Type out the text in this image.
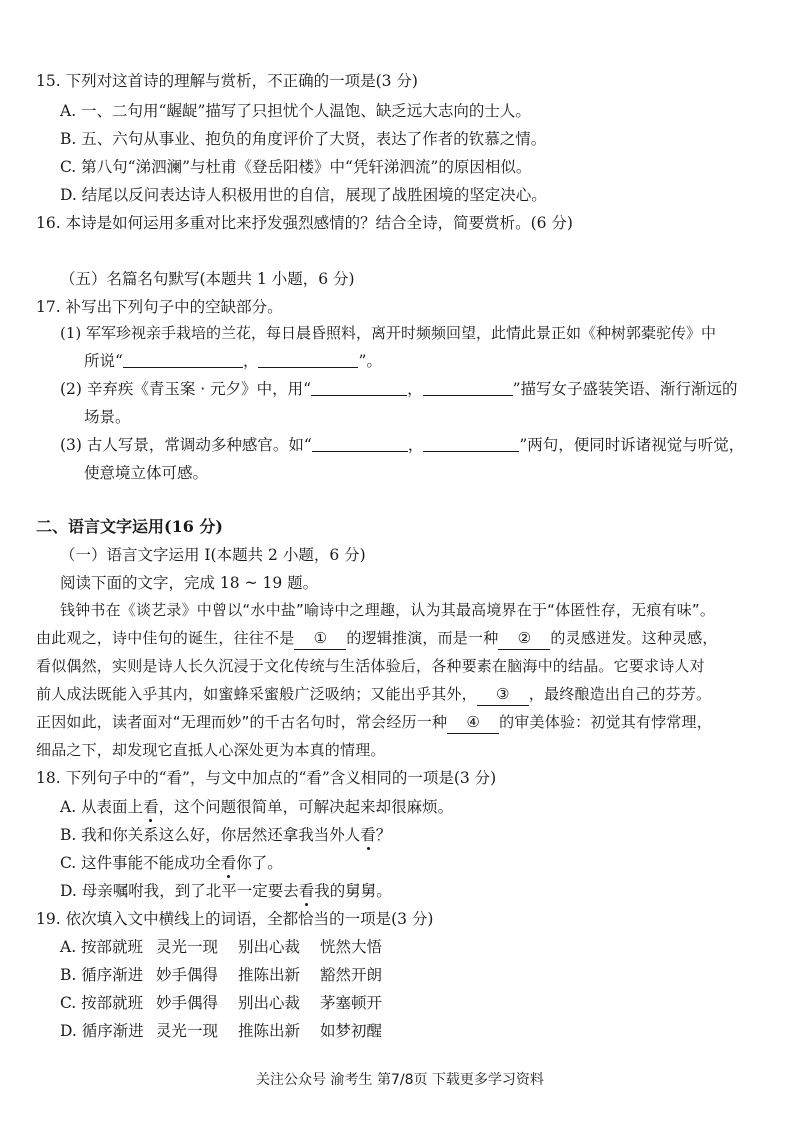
15. 下列对这首诗的理解与赏析，不正确的一项是(3 分)
A. 一、二句用“龌龊”描写了只担忧个人温饱、缺乏远大志向的士人。
B. 五、六句从事业、抱负的角度评价了大贤，表达了作者的钦慕之情。
C. 第八句“涕泗澜”与杜甫《登岳阳楼》中“凭轩涕泗流”的原因相似。
D. 结尾以反问表达诗人积极用世的自信，展现了战胜困境的坚定决心。
16. 本诗是如何运用多重对比来抒发强烈感情的？结合全诗，简要赏析。(6 分)
（五）名篇名句默写(本题共 1 小题，6 分)
17. 补写出下列句子中的空缺部分。
(1) 军军珍视亲手栽培的兰花，每日晨昏照料，离开时频频回望，此情此景正如《种树郭橐驼传》中
所说“	，	”。
(2) 辛弃疾《青玉案 · 元夕》中，用“	，	”描写女子盛装笑语、渐行渐远的
场景。
(3) 古人写景，常调动多种感官。如“	，	”两句，便同时诉诸视觉与听觉，
使意境立体可感。
二、语言文字运用(16 分)
（一）语言文字运用 Ⅰ(本题共 2 小题，6 分)
阅读下面的文字，完成 18 ~ 19 题。
钱钟书在《谈艺录》中曾以“水中盐”喻诗中之理趣，认为其最高境界在于“体匿性存，无痕有味”。
由此观之，诗中佳句的诞生，往往不是 ① 的逻辑推演，而是一种 ② 的灵感迸发。这种灵感，
看似偶然，实则是诗人长久沉浸于文化传统与生活体验后，各种要素在脑海中的结晶。它要求诗人对
前人成法既能入乎其内，如蜜蜂采蜜般广泛吸纳；又能出乎其外， ③ ，最终酿造出自己的芬芳。
正因如此，读者面对“无理而妙”的千古名句时，常会经历一种 ④ 的审美体验：初觉其有悖常理，
细品之下，却发现它直抵人心深处更为本真的情理。
18. 下列句子中的“看”，与文中加点的“看”含义相同的一项是(3 分)
A. 从表面上看，这个问题很简单，可解决起来却很麻烦。
B. 我和你关系这么好，你居然还拿我当外人看？
C. 这件事能不能成功全看你了。
D. 母亲嘱咐我，到了北平一定要去看我的舅舅。
19. 依次填入文中横线上的词语，全都恰当的一项是(3 分)
A. 按部就班 灵光一现 别出心裁 恍然大悟
B. 循序渐进 妙手偶得 推陈出新 豁然开朗
C. 按部就班 妙手偶得 别出心裁 茅塞顿开
D. 循序渐进 灵光一现 推陈出新 如梦初醒
关注公众号 渝考生 第7/8页 下载更多学习资料
